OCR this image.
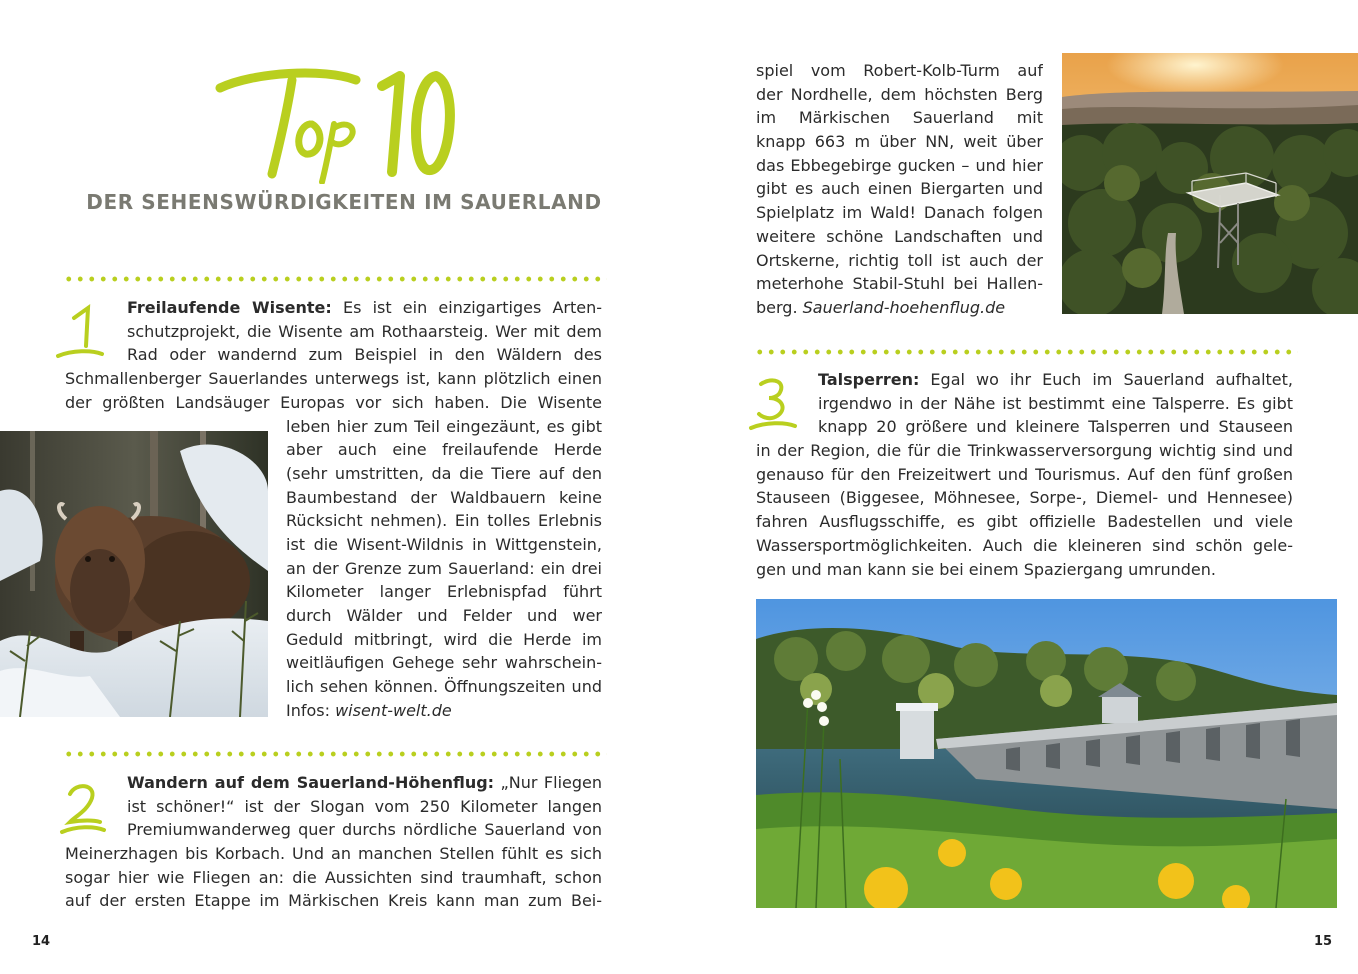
DER SEHENSWÜRDIGKEITEN IM SAUERLAND
Freilaufende Wisente: Es ist ein einzigartiges Arten-
schutzprojekt, die Wisente am Rothaarsteig. Wer mit dem
Rad oder wandernd zum Beispiel in den Wäldern des
Schmallenberger Sauerlandes unterwegs ist, kann plötzlich einen
der größten Landsäuger Europas vor sich haben. Die Wisente
leben hier zum Teil eingezäunt, es gibt
aber auch eine freilaufende Herde
(sehr umstritten, da die Tiere auf den
Baumbestand der Waldbauern keine
Rücksicht nehmen). Ein tolles Erlebnis
ist die Wisent-Wildnis in Wittgenstein,
an der Grenze zum Sauerland: ein drei
Kilometer langer Erlebnispfad führt
durch Wälder und Felder und wer
Geduld mitbringt, wird die Herde im
weitläufigen Gehege sehr wahrschein-
lich sehen können. Öffnungszeiten und
Infos: wisent-welt.de
Wandern auf dem Sauerland-Höhenflug: „Nur Fliegen
ist schöner!“ ist der Slogan vom 250 Kilometer langen
Premiumwanderweg quer durchs nördliche Sauerland von
Meinerzhagen bis Korbach. Und an manchen Stellen fühlt es sich
sogar hier wie Fliegen an: die Aussichten sind traumhaft, schon
auf der ersten Etappe im Märkischen Kreis kann man zum Bei-
14
spiel vom Robert-Kolb-Turm auf
der Nordhelle, dem höchsten Berg
im Märkischen Sauerland mit
knapp 663 m über NN, weit über
das Ebbegebirge gucken – und hier
gibt es auch einen Biergarten und
Spielplatz im Wald! Danach folgen
weitere schöne Landschaften und
Ortskerne, richtig toll ist auch der
meterhohe Stabil-Stuhl bei Hallen-
berg. Sauerland-hoehenflug.de
Talsperren: Egal wo ihr Euch im Sauerland aufhaltet,
irgendwo in der Nähe ist bestimmt eine Talsperre. Es gibt
knapp 20 größere und kleinere Talsperren und Stauseen
in der Region, die für die Trinkwasserversorgung wichtig sind und
genauso für den Freizeitwert und Tourismus. Auf den fünf großen
Stauseen (Biggesee, Möhnesee, Sorpe-, Diemel- und Hennesee)
fahren Ausflugsschiffe, es gibt offizielle Badestellen und viele
Wassersportmöglichkeiten. Auch die kleineren sind schön gele-
gen und man kann sie bei einem Spaziergang umrunden.
15
